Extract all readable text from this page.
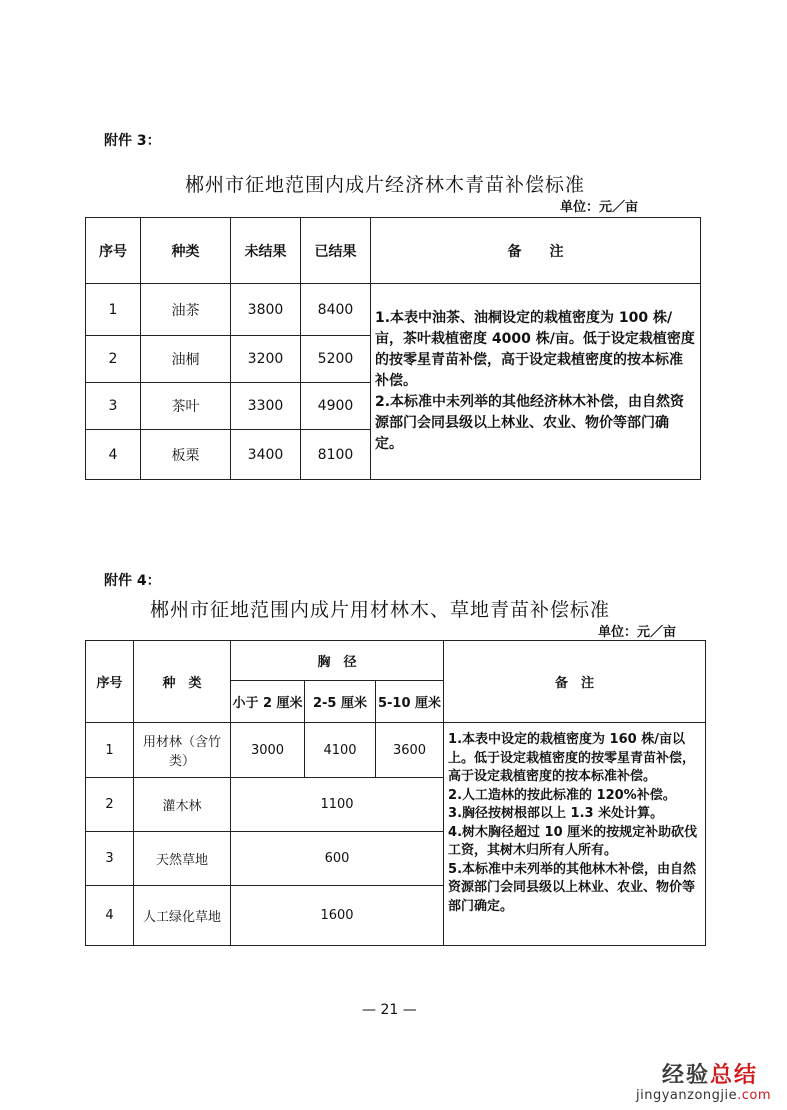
附件 3：
郴州市征地范围内成片经济林木青苗补偿标准
单位：元／亩
序号	种类	未结果	已结果	备　　注
1	油茶	3800	8400	1.本表中油茶、油桐设定的栽植密度为 100 株/亩，茶叶栽植密度 4000 株/亩。低于设定栽植密度的按零星青苗补偿，高于设定栽植密度的按本标准补偿。
2.本标准中未列举的其他经济林木补偿，由自然资源部门会同县级以上林业、农业、物价等部门确定。

2	油桐	3200	5200	
3	茶叶	3300	4900	
4	板栗	3400	8100	
附件 4：
郴州市征地范围内成片用材林木、草地青苗补偿标准
单位：元／亩
序号	种　类	胸　径			备　注
		小于 2 厘米	2-5 厘米	5-10 厘米	
1	用材林（含竹类）	3000	4100	3600	1.本表中设定的栽植密度为 160 株/亩以上。低于设定栽植密度的按零星青苗补偿，高于设定栽植密度的按本标准补偿。
2.人工造林的按此标准的 120%补偿。
3.胸径按树根部以上 1.3 米处计算。
4.树木胸径超过 10 厘米的按规定补助砍伐工资，其树木归所有人所有。
5.本标准中未列举的其他林木补偿，由自然资源部门会同县级以上林业、农业、物价等部门确定。

2	灌木林	1100			
3	天然草地	600			
4	人工绿化草地	1600			
— 21 —
经验总结
jingyanzongjie.com
